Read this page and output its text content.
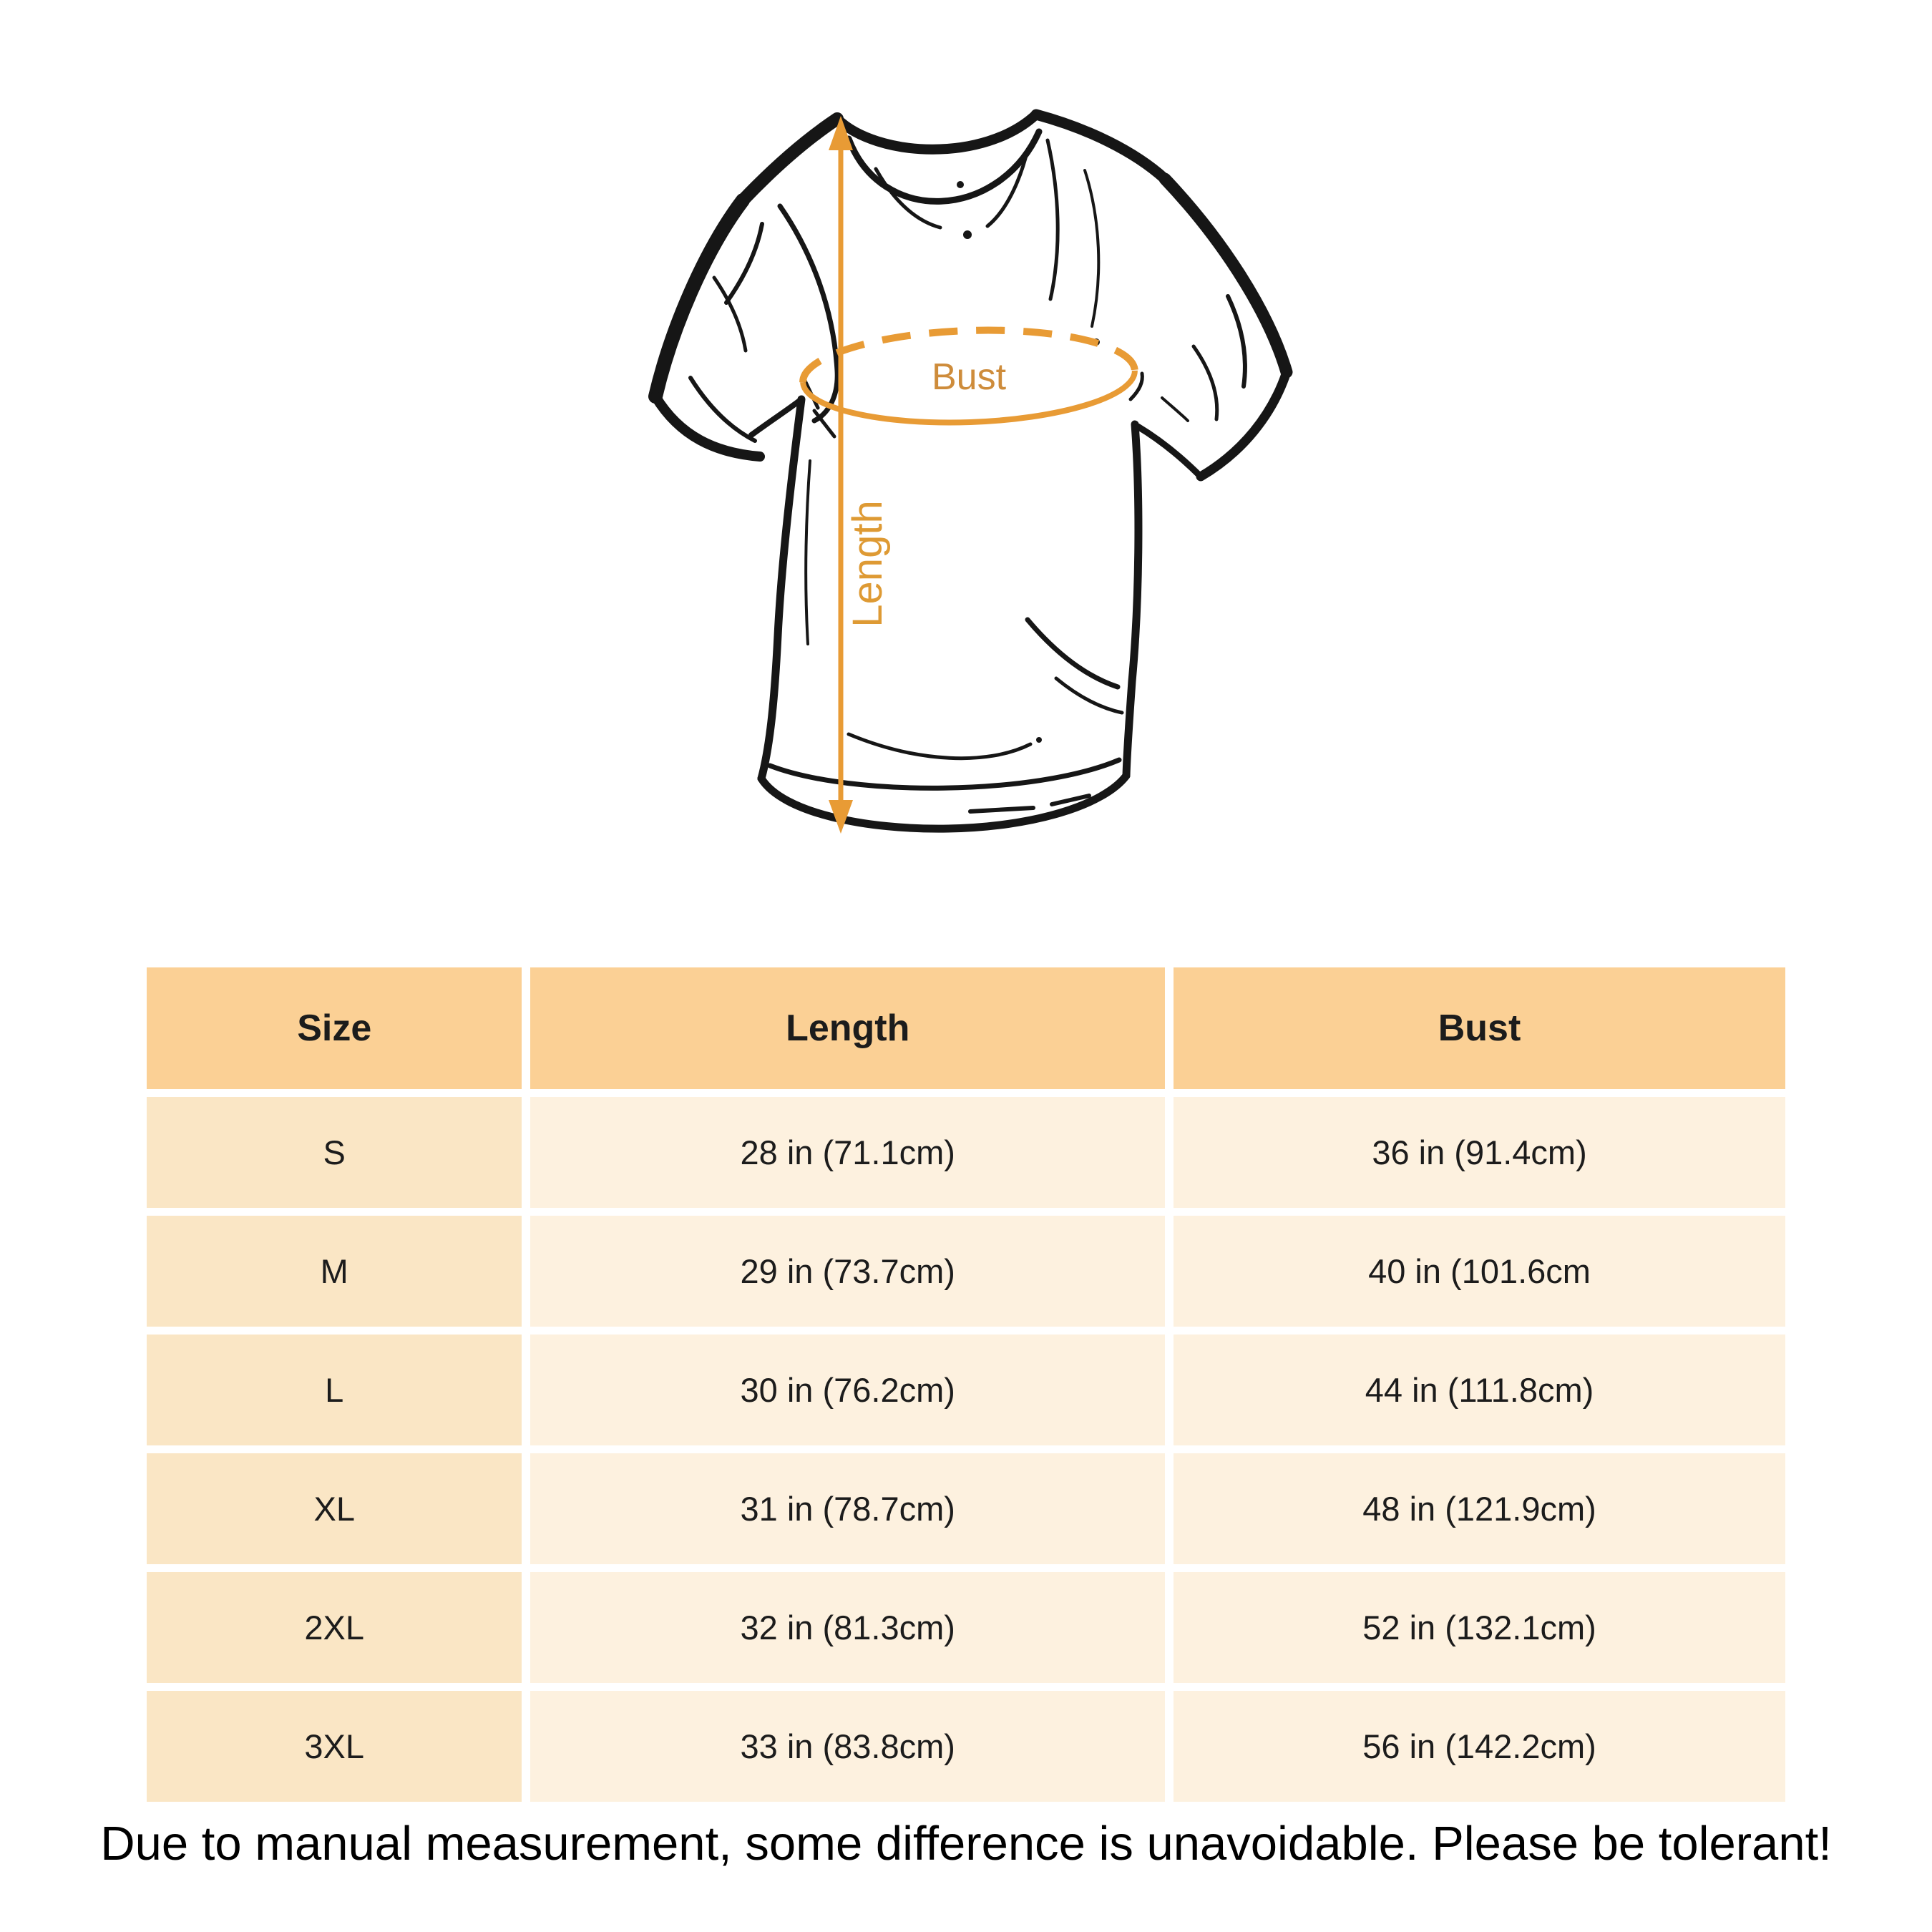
Bust
Length
Size	Length	Bust
S	28 in (71.1cm)	36 in (91.4cm)
M	29 in (73.7cm)	40 in (101.6cm
L	30 in (76.2cm)	44 in (111.8cm)
XL	31 in (78.7cm)	48 in (121.9cm)
2XL	32 in (81.3cm)	52 in (132.1cm)
3XL	33 in (83.8cm)	56 in (142.2cm)
Due to manual measurement, some difference is unavoidable. Please be tolerant!
